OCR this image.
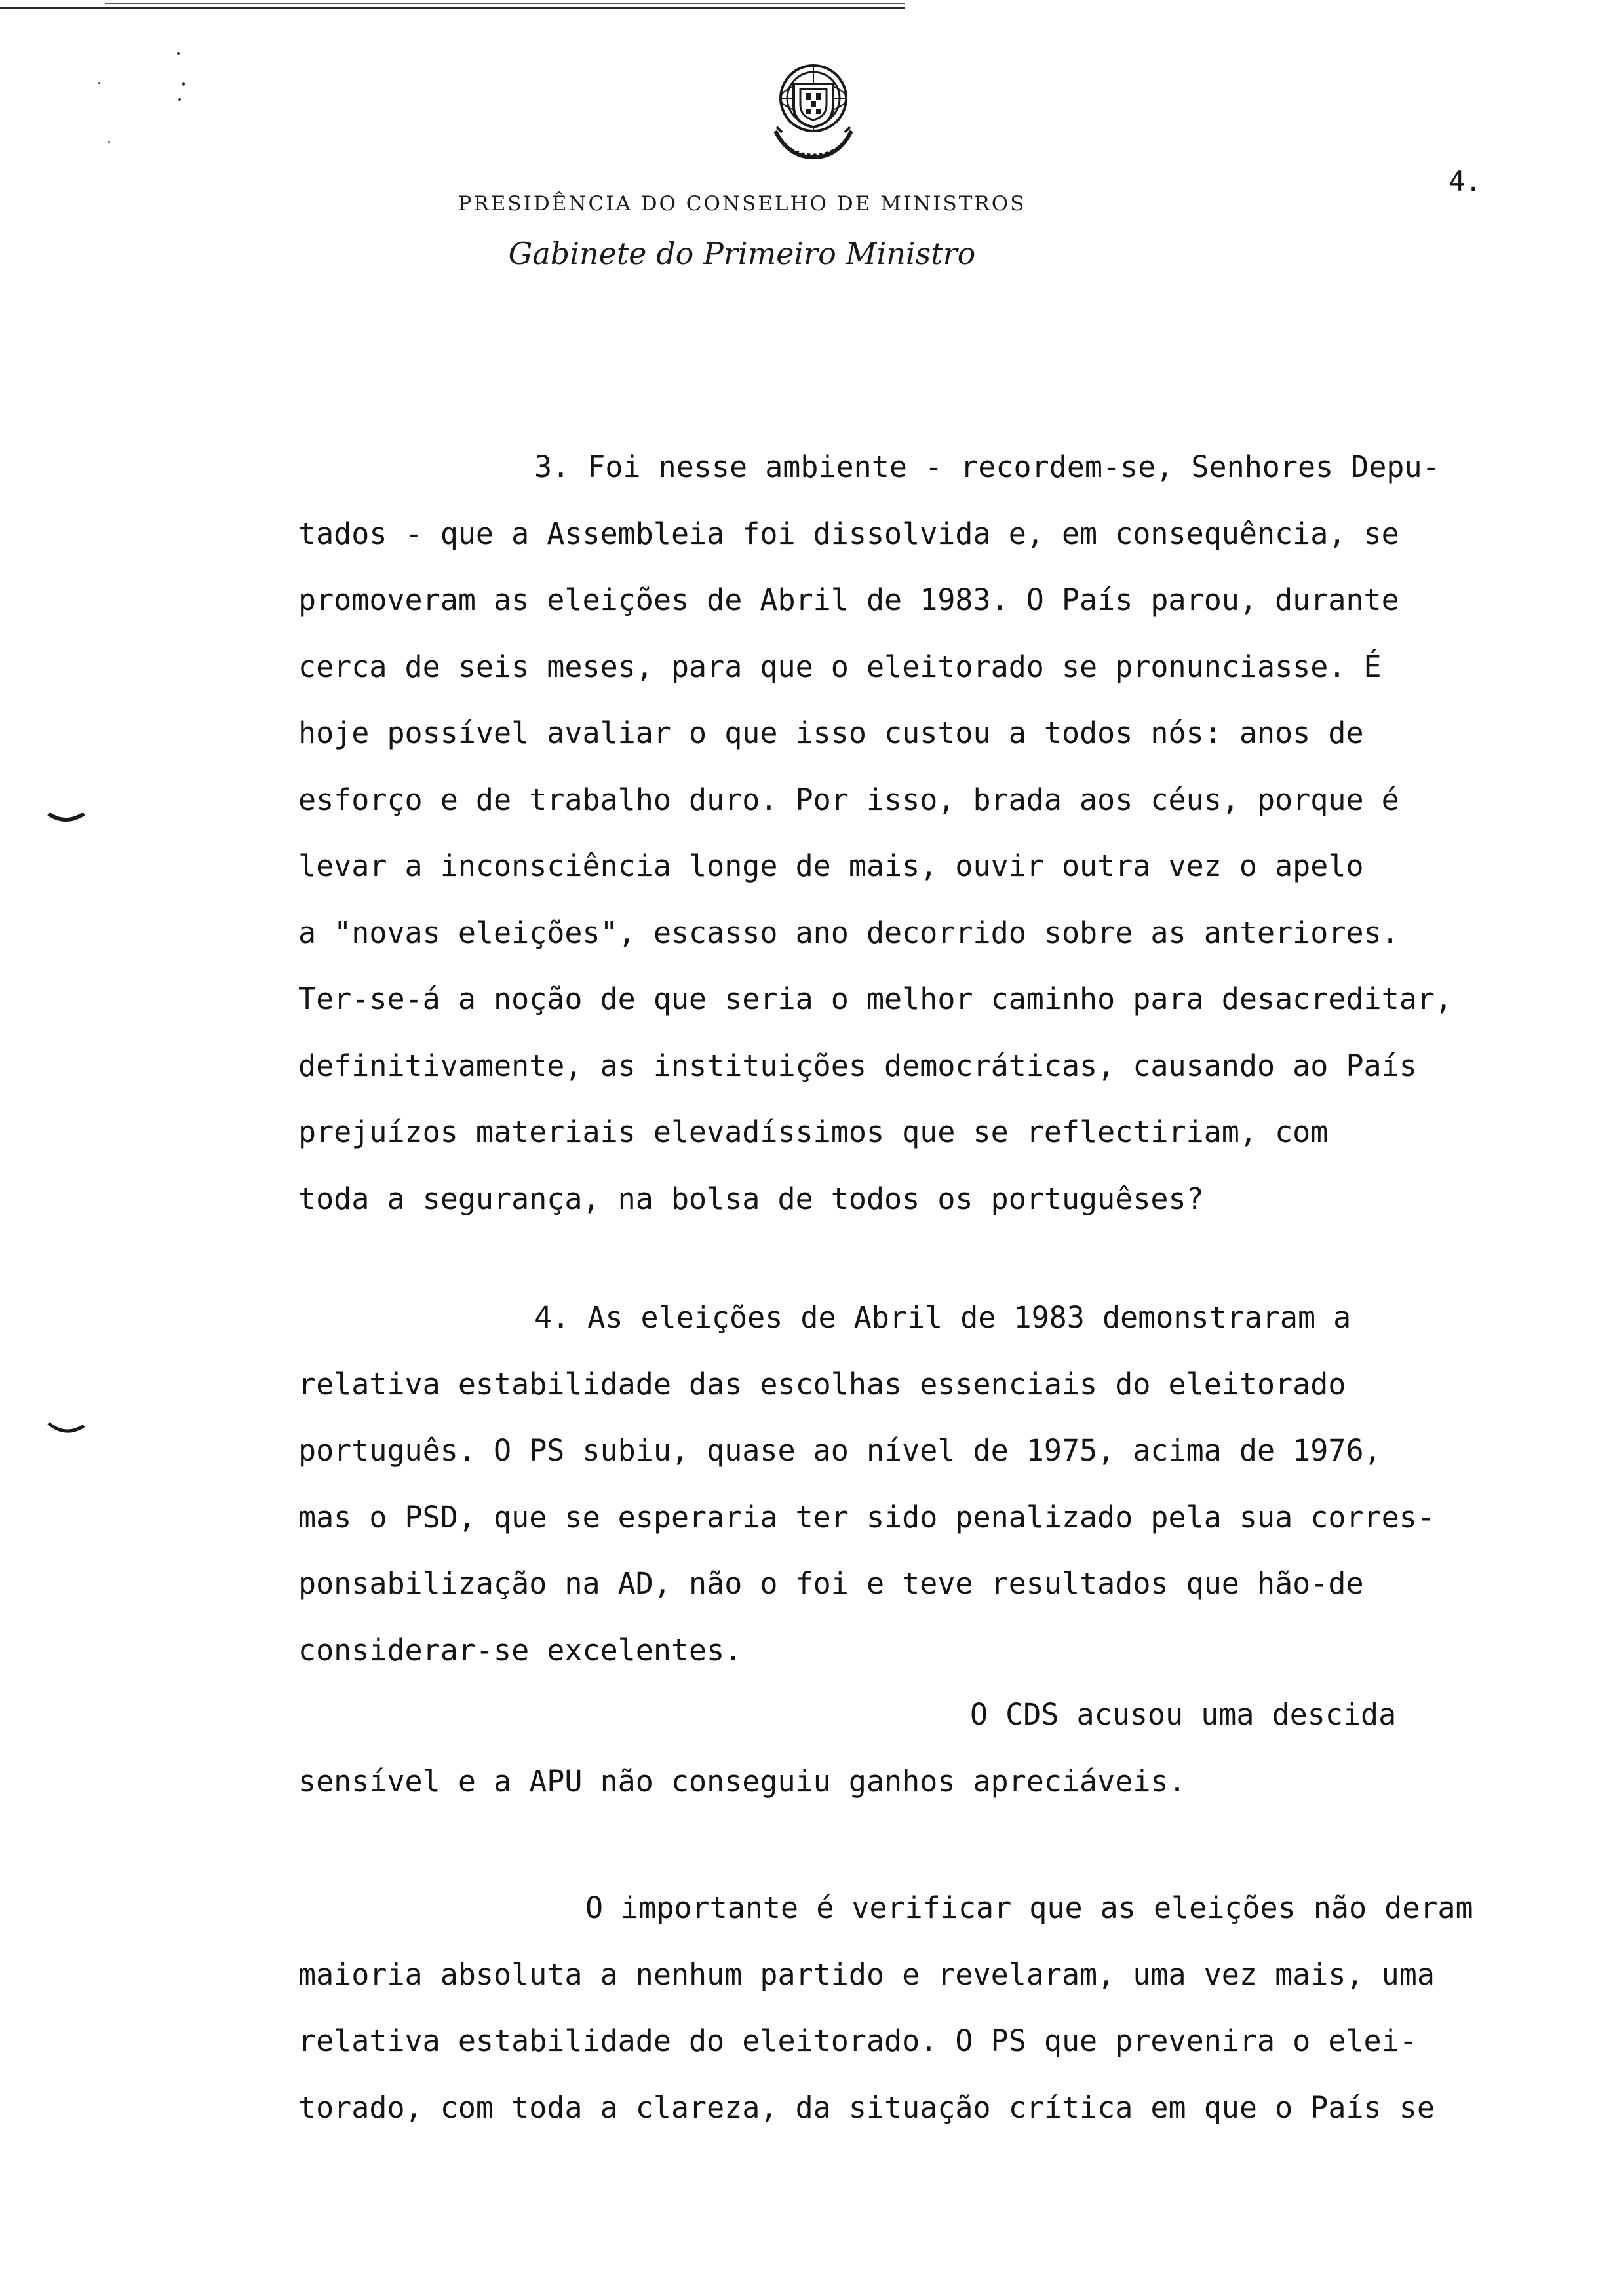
PRESIDÊNCIA DO CONSELHO DE MINISTROS
Gabinete do Primeiro Ministro
4.
3. Foi nesse ambiente - recordem-se, Senhores Depu-
tados - que a Assembleia foi dissolvida e, em consequência, se
promoveram as eleições de Abril de 1983. O País parou, durante
cerca de seis meses, para que o eleitorado se pronunciasse. É
hoje possível avaliar o que isso custou a todos nós: anos de
esforço e de trabalho duro. Por isso, brada aos céus, porque é
levar a inconsciência longe de mais, ouvir outra vez o apelo
a "novas eleições", escasso ano decorrido sobre as anteriores.
Ter-se-á a noção de que seria o melhor caminho para desacreditar,
definitivamente, as instituições democráticas, causando ao País
prejuízos materiais elevadíssimos que se reflectiriam, com
toda a segurança, na bolsa de todos os portuguêses?
4. As eleições de Abril de 1983 demonstraram a
relativa estabilidade das escolhas essenciais do eleitorado
português. O PS subiu, quase ao nível de 1975, acima de 1976,
mas o PSD, que se esperaria ter sido penalizado pela sua corres-
ponsabilização na AD, não o foi e teve resultados que hão-de
considerar-se excelentes.
O CDS acusou uma descida
sensível e a APU não conseguiu ganhos apreciáveis.
O importante é verificar que as eleições não deram
maioria absoluta a nenhum partido e revelaram, uma vez mais, uma
relativa estabilidade do eleitorado. O PS que prevenira o elei-
torado, com toda a clareza, da situação crítica em que o País se
